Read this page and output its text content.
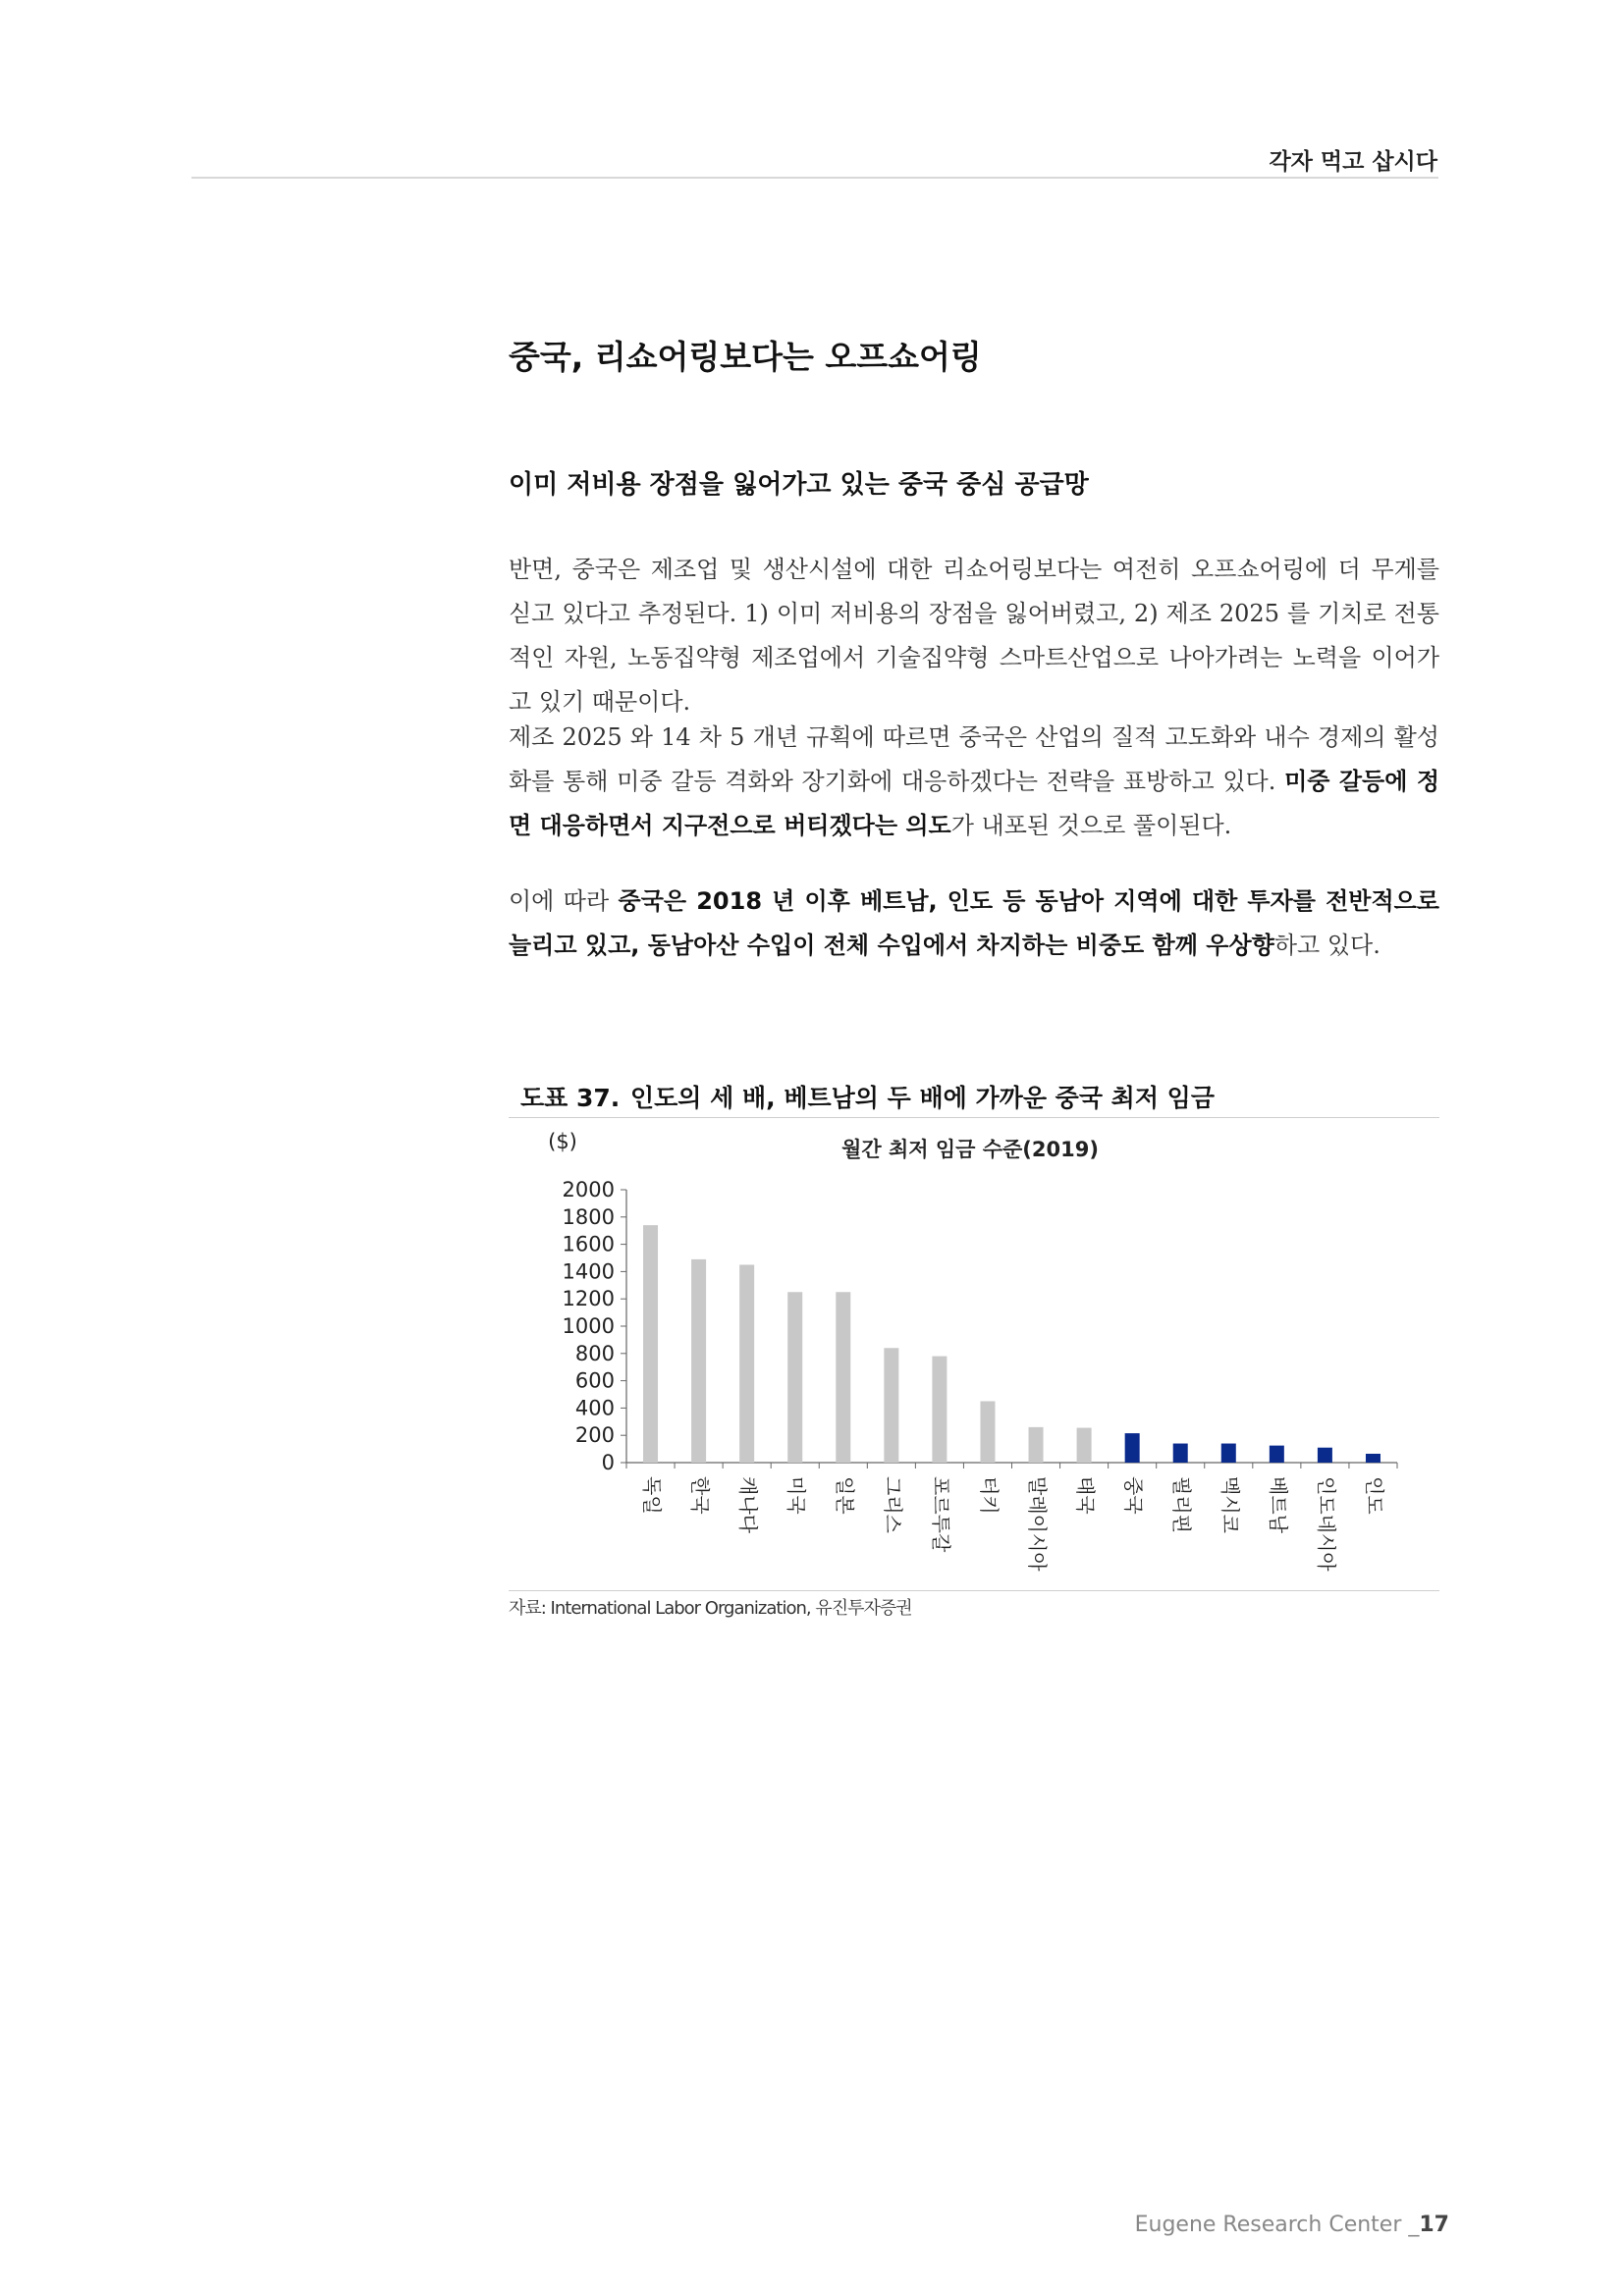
각자 먹고 삽시다
중국, 리쇼어링보다는 오프쇼어링
이미 저비용 장점을 잃어가고 있는 중국 중심 공급망

반면, 중국은 제조업 및 생산시설에 대한 리쇼어링보다는 여전히 오프쇼어링에 더 무게를 싣고 있다고 추정된다. 1) 이미 저비용의 장점을 잃어버렸고, 2) 제조 2025 를 기치로 전통적인 자원, 노동집약형 제조업에서 기술집약형 스마트산업으로 나아가려는 노력을 이어가고 있기 때문이다.

제조 2025 와 14 차 5 개년 규획에 따르면 중국은 산업의 질적 고도화와 내수 경제의 활성화를 통해 미중 갈등 격화와 장기화에 대응하겠다는 전략을 표방하고 있다. 미중 갈등에 정면 대응하면서 지구전으로 버티겠다는 의도가 내포된 것으로 풀이된다.

이에 따라 중국은 2018 년 이후 베트남, 인도 등 동남아 지역에 대한 투자를 전반적으로 늘리고 있고, 동남아산 수입이 전체 수입에서 차지하는 비중도 함께 우상향하고 있다.

도표 37. 인도의 세 배, 베트남의 두 배에 가까운 중국 최저 임금
월간 최저 임금 수준(2019)
($)
0
200
400
600
800
1000
1200
1400
1600
1800
2000
독일 한국 캐나다 미국 일본 그리스 포르투갈 터키 말레이시아 태국 중국 필리핀 멕시코 베트남 인도네시아 인도
자료: International Labor Organization, 유진투자증권
Eugene Research Center _17
